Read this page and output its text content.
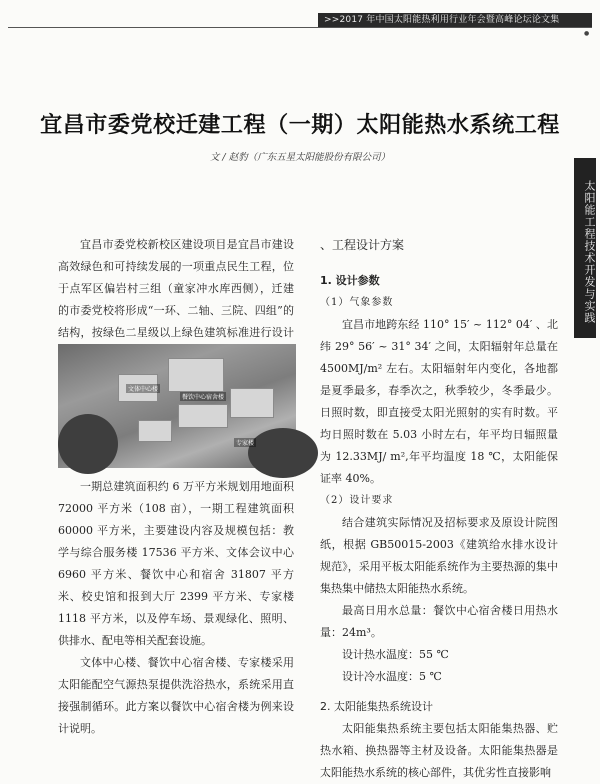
>>2017 年中国太阳能热利用行业年会暨高峰论坛论文集
●
宜昌市委党校迁建工程（一期）太阳能热水系统工程
文 / 赵豹（广东五星太阳能股份有限公司）
太阳能工程技术开发与实践

宜昌市委党校新校区建设项目是宜昌市建设高效绿色和可持续发展的一项重点民生工程，位于点军区偏岩村三组（童家冲水库西侧），迁建的市委党校将形成“一环、二轴、三院、四组”的结构，按绿色二星级以上绿色建筑标准进行设计

文体中心楼
餐饮中心宿舍楼
专家楼

一期总建筑面积约 6 万平方米规划用地面积 72000 平方米（108 亩），一期工程建筑面积 60000 平方米，主要建设内容及规模包括：教学与综合服务楼 17536 平方米、文体会议中心 6960 平方米、餐饮中心和宿舍 31807 平方米、校史馆和报到大厅 2399 平方米、专家楼 1118 平方米，以及停车场、景观绿化、照明、供排水、配电等相关配套设施。

文体中心楼、餐饮中心宿舍楼、专家楼采用太阳能配空气源热泵提供洗浴热水，系统采用直接强制循环。此方案以餐饮中心宿舍楼为例来设计说明。

、工程设计方案
1. 设计参数
（1）气象参数

宜昌市地跨东经 110° 15′ ~ 112° 04′ 、北纬 29° 56′ ~ 31° 34′ 之间，太阳辐射年总量在 4500MJ/m² 左右。太阳辐射年内变化，各地都是夏季最多，春季次之，秋季较少，冬季最少。日照时数，即直接受太阳光照射的实有时数。平均日照时数在 5.03 小时左右，年平均日辐照量为 12.33MJ/ m²,年平均温度 18 ℃，太阳能保证率 40%。

（2）设计要求

结合建筑实际情况及招标要求及原设计院图纸，根据 GB50015-2003《建筑给水排水设计规范》，采用平板太阳能系统作为主要热源的集中集热集中储热太阳能热水系统。

最高日用水总量：餐饮中心宿舍楼日用热水量：24m³。

设计热水温度：55 ℃

设计冷水温度：5 ℃

2. 太阳能集热系统设计

太阳能集热系统主要包括太阳能集热器、贮热水箱、换热器等主材及设备。太阳能集热器是太阳能热水系统的核心部件，其优劣性直接影响
